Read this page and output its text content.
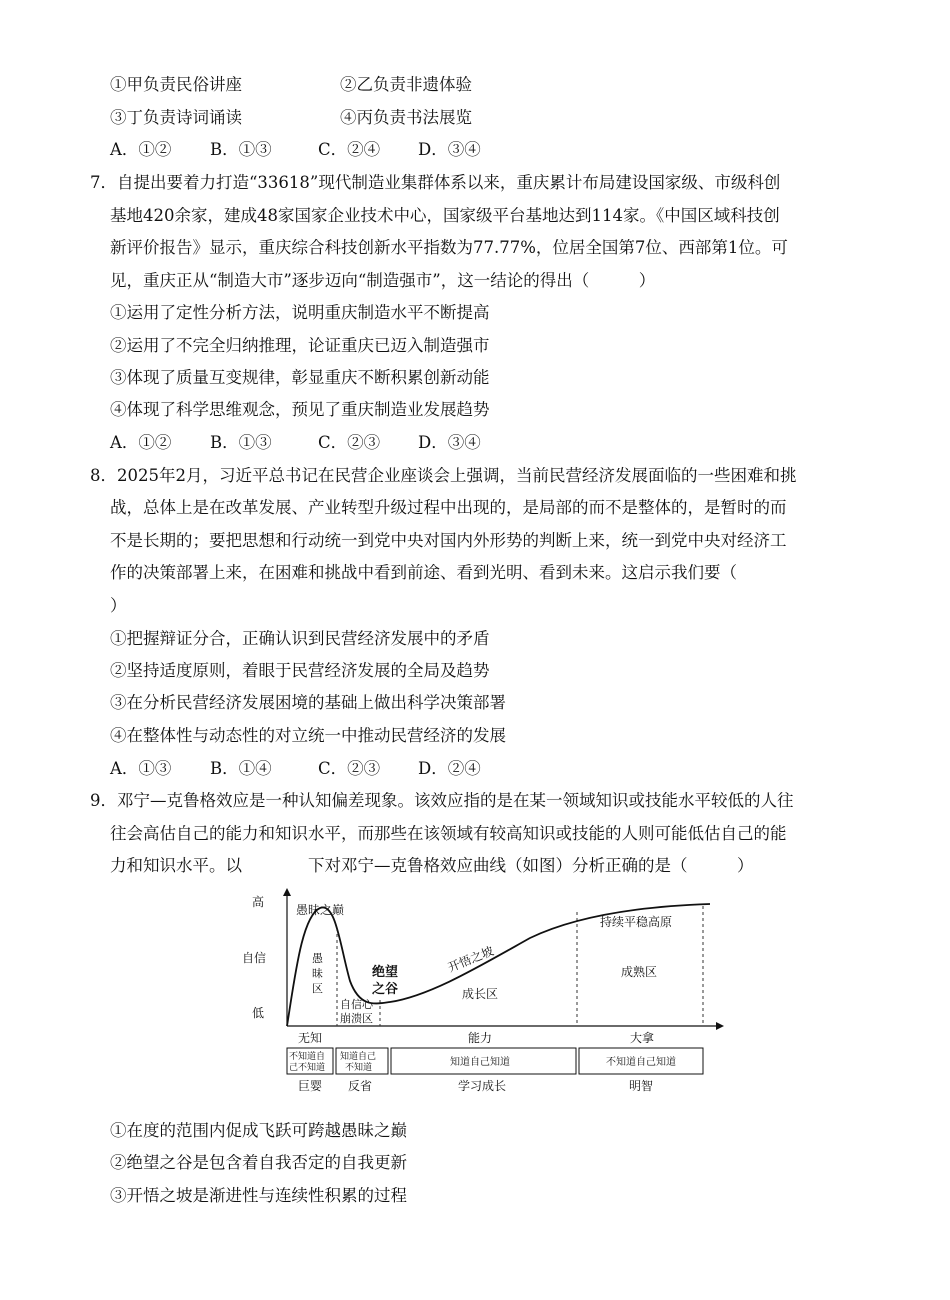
①甲负责民俗讲座	②乙负责非遗体验
③丁负责诗词诵读	④丙负责书法展览
A．①② B．①③	C．②④ D．③④
7．自提出要着力打造“33618”现代制造业集群体系以来，重庆累计布局建设国家级、市级科创
基地420余家，建成48家国家企业技术中心，国家级平台基地达到114家。《中国区域科技创
新评价报告》显示，重庆综合科技创新水平指数为77.77%，位居全国第7位、西部第1位。可
见，重庆正从“制造大市”逐步迈向“制造强市”，这一结论的得出（　　　）
①运用了定性分析方法，说明重庆制造水平不断提高
②运用了不完全归纳推理，论证重庆已迈入制造强市
③体现了质量互变规律，彰显重庆不断积累创新动能
④体现了科学思维观念，预见了重庆制造业发展趋势
A．①② B．①③	C．②③ D．③④
8．2025年2月，习近平总书记在民营企业座谈会上强调，当前民营经济发展面临的一些困难和挑
战，总体上是在改革发展、产业转型升级过程中出现的，是局部的而不是整体的，是暂时的而
不是长期的；要把思想和行动统一到党中央对国内外形势的判断上来，统一到党中央对经济工
作的决策部署上来，在困难和挑战中看到前途、看到光明、看到未来。这启示我们要（
）
①把握辩证分合，正确认识到民营经济发展中的矛盾
②坚持适度原则，着眼于民营经济发展的全局及趋势
③在分析民营经济发展困境的基础上做出科学决策部署
④在整体性与动态性的对立统一中推动民营经济的发展
A．①③ B．①④	C．②③ D．②④
9．邓宁—克鲁格效应是一种认知偏差现象。该效应指的是在某一领域知识或技能水平较低的人往
往会高估自己的能力和知识水平，而那些在该领域有较高知识或技能的人则可能低估自己的能
力和知识水平。以　　　　下对邓宁—克鲁格效应曲线（如图）分析正确的是（　　　）
高
自信
低
愚昧之巅
愚
昧
区
自信心
崩溃区
绝望
之谷
开悟之坡
成长区
持续平稳高原
成熟区
无知	能力	大拿
不知道自
己不知道
知道自己
不知道	知道自己知道	不知道自己知道
巨婴 反省	学习成长	明智
①在度的范围内促成飞跃可跨越愚昧之巅
②绝望之谷是包含着自我否定的自我更新
③开悟之坡是渐进性与连续性积累的过程
